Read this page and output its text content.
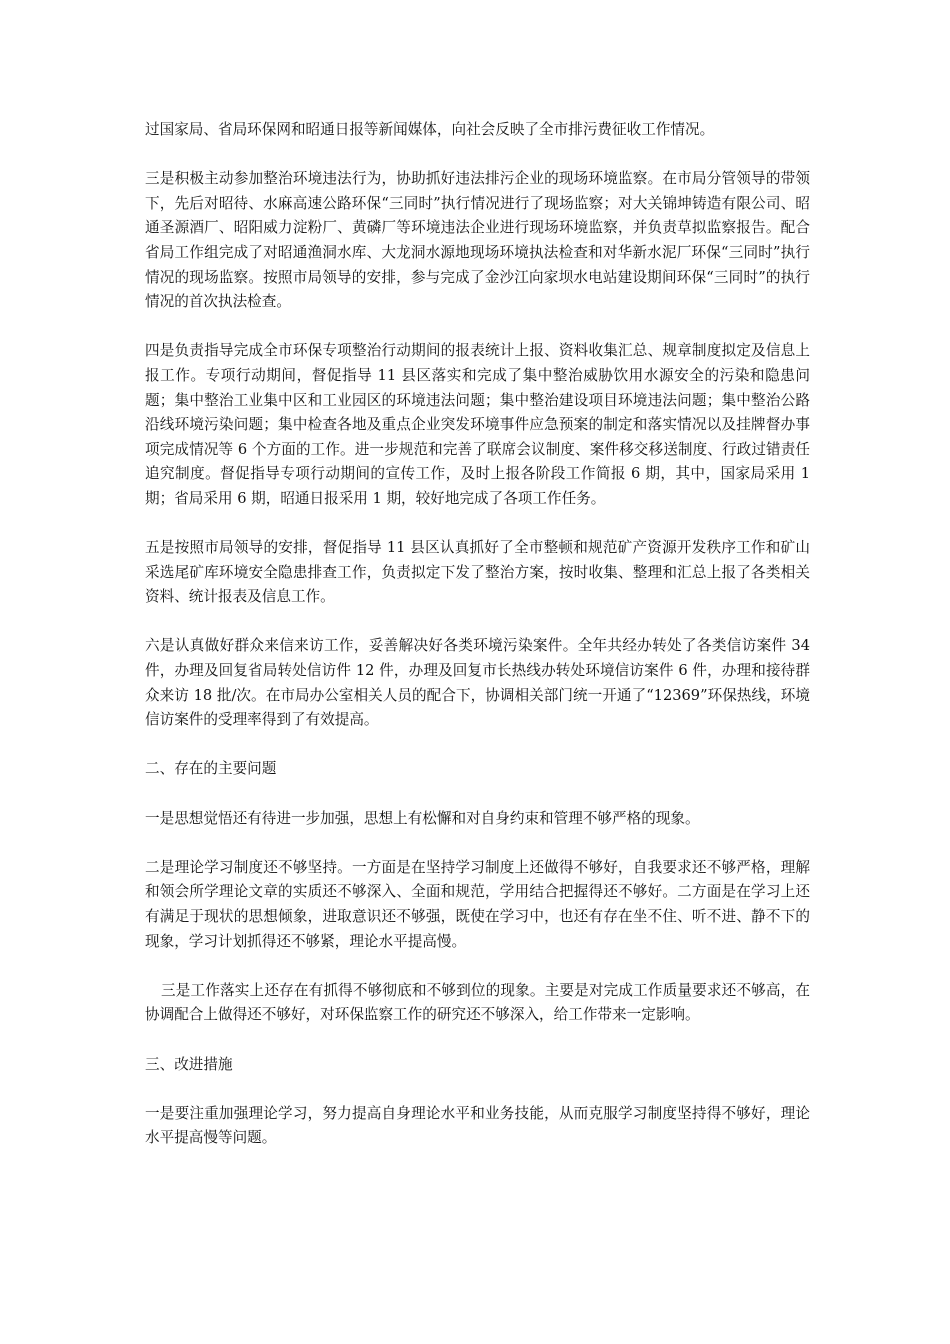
过国家局、省局环保网和昭通日报等新闻媒体，向社会反映了全市排污费征收工作情况。

三是积极主动参加整治环境违法行为，协助抓好违法排污企业的现场环境监察。在市局分管领导的带领下，先后对昭待、水麻高速公路环保“三同时”执行情况进行了现场监察；对大关锦坤铸造有限公司、昭通圣源酒厂、昭阳威力淀粉厂、黄磷厂等环境违法企业进行现场环境监察，并负责草拟监察报告。配合省局工作组完成了对昭通渔洞水库、大龙洞水源地现场环境执法检查和对华新水泥厂环保“三同时”执行情况的现场监察。按照市局领导的安排，参与完成了金沙江向家坝水电站建设期间环保“三同时”的执行情况的首次执法检查。

四是负责指导完成全市环保专项整治行动期间的报表统计上报、资料收集汇总、规章制度拟定及信息上报工作。专项行动期间，督促指导 11 县区落实和完成了集中整治威胁饮用水源安全的污染和隐患问题；集中整治工业集中区和工业园区的环境违法问题；集中整治建设项目环境违法问题；集中整治公路沿线环境污染问题；集中检查各地及重点企业突发环境事件应急预案的制定和落实情况以及挂牌督办事项完成情况等 6 个方面的工作。进一步规范和完善了联席会议制度、案件移交移送制度、行政过错责任追究制度。督促指导专项行动期间的宣传工作，及时上报各阶段工作简报 6 期，其中，国家局采用 1 期；省局采用 6 期，昭通日报采用 1 期，较好地完成了各项工作任务。

五是按照市局领导的安排，督促指导 11 县区认真抓好了全市整顿和规范矿产资源开发秩序工作和矿山采选尾矿库环境安全隐患排查工作，负责拟定下发了整治方案，按时收集、整理和汇总上报了各类相关资料、统计报表及信息工作。

六是认真做好群众来信来访工作，妥善解决好各类环境污染案件。全年共经办转处了各类信访案件 34 件，办理及回复省局转处信访件 12 件，办理及回复市长热线办转处环境信访案件 6 件，办理和接待群众来访 18 批/次。在市局办公室相关人员的配合下，协调相关部门统一开通了“12369”环保热线，环境信访案件的受理率得到了有效提高。

二、存在的主要问题

一是思想觉悟还有待进一步加强，思想上有松懈和对自身约束和管理不够严格的现象。

二是理论学习制度还不够坚持。一方面是在坚持学习制度上还做得不够好，自我要求还不够严格，理解和领会所学理论文章的实质还不够深入、全面和规范，学用结合把握得还不够好。二方面是在学习上还有满足于现状的思想倾象，进取意识还不够强，既使在学习中，也还有存在坐不住、听不进、静不下的现象，学习计划抓得还不够紧，理论水平提高慢。

三是工作落实上还存在有抓得不够彻底和不够到位的现象。主要是对完成工作质量要求还不够高，在协调配合上做得还不够好，对环保监察工作的研究还不够深入，给工作带来一定影响。

三、改进措施

一是要注重加强理论学习，努力提高自身理论水平和业务技能，从而克服学习制度坚持得不够好，理论水平提高慢等问题。
